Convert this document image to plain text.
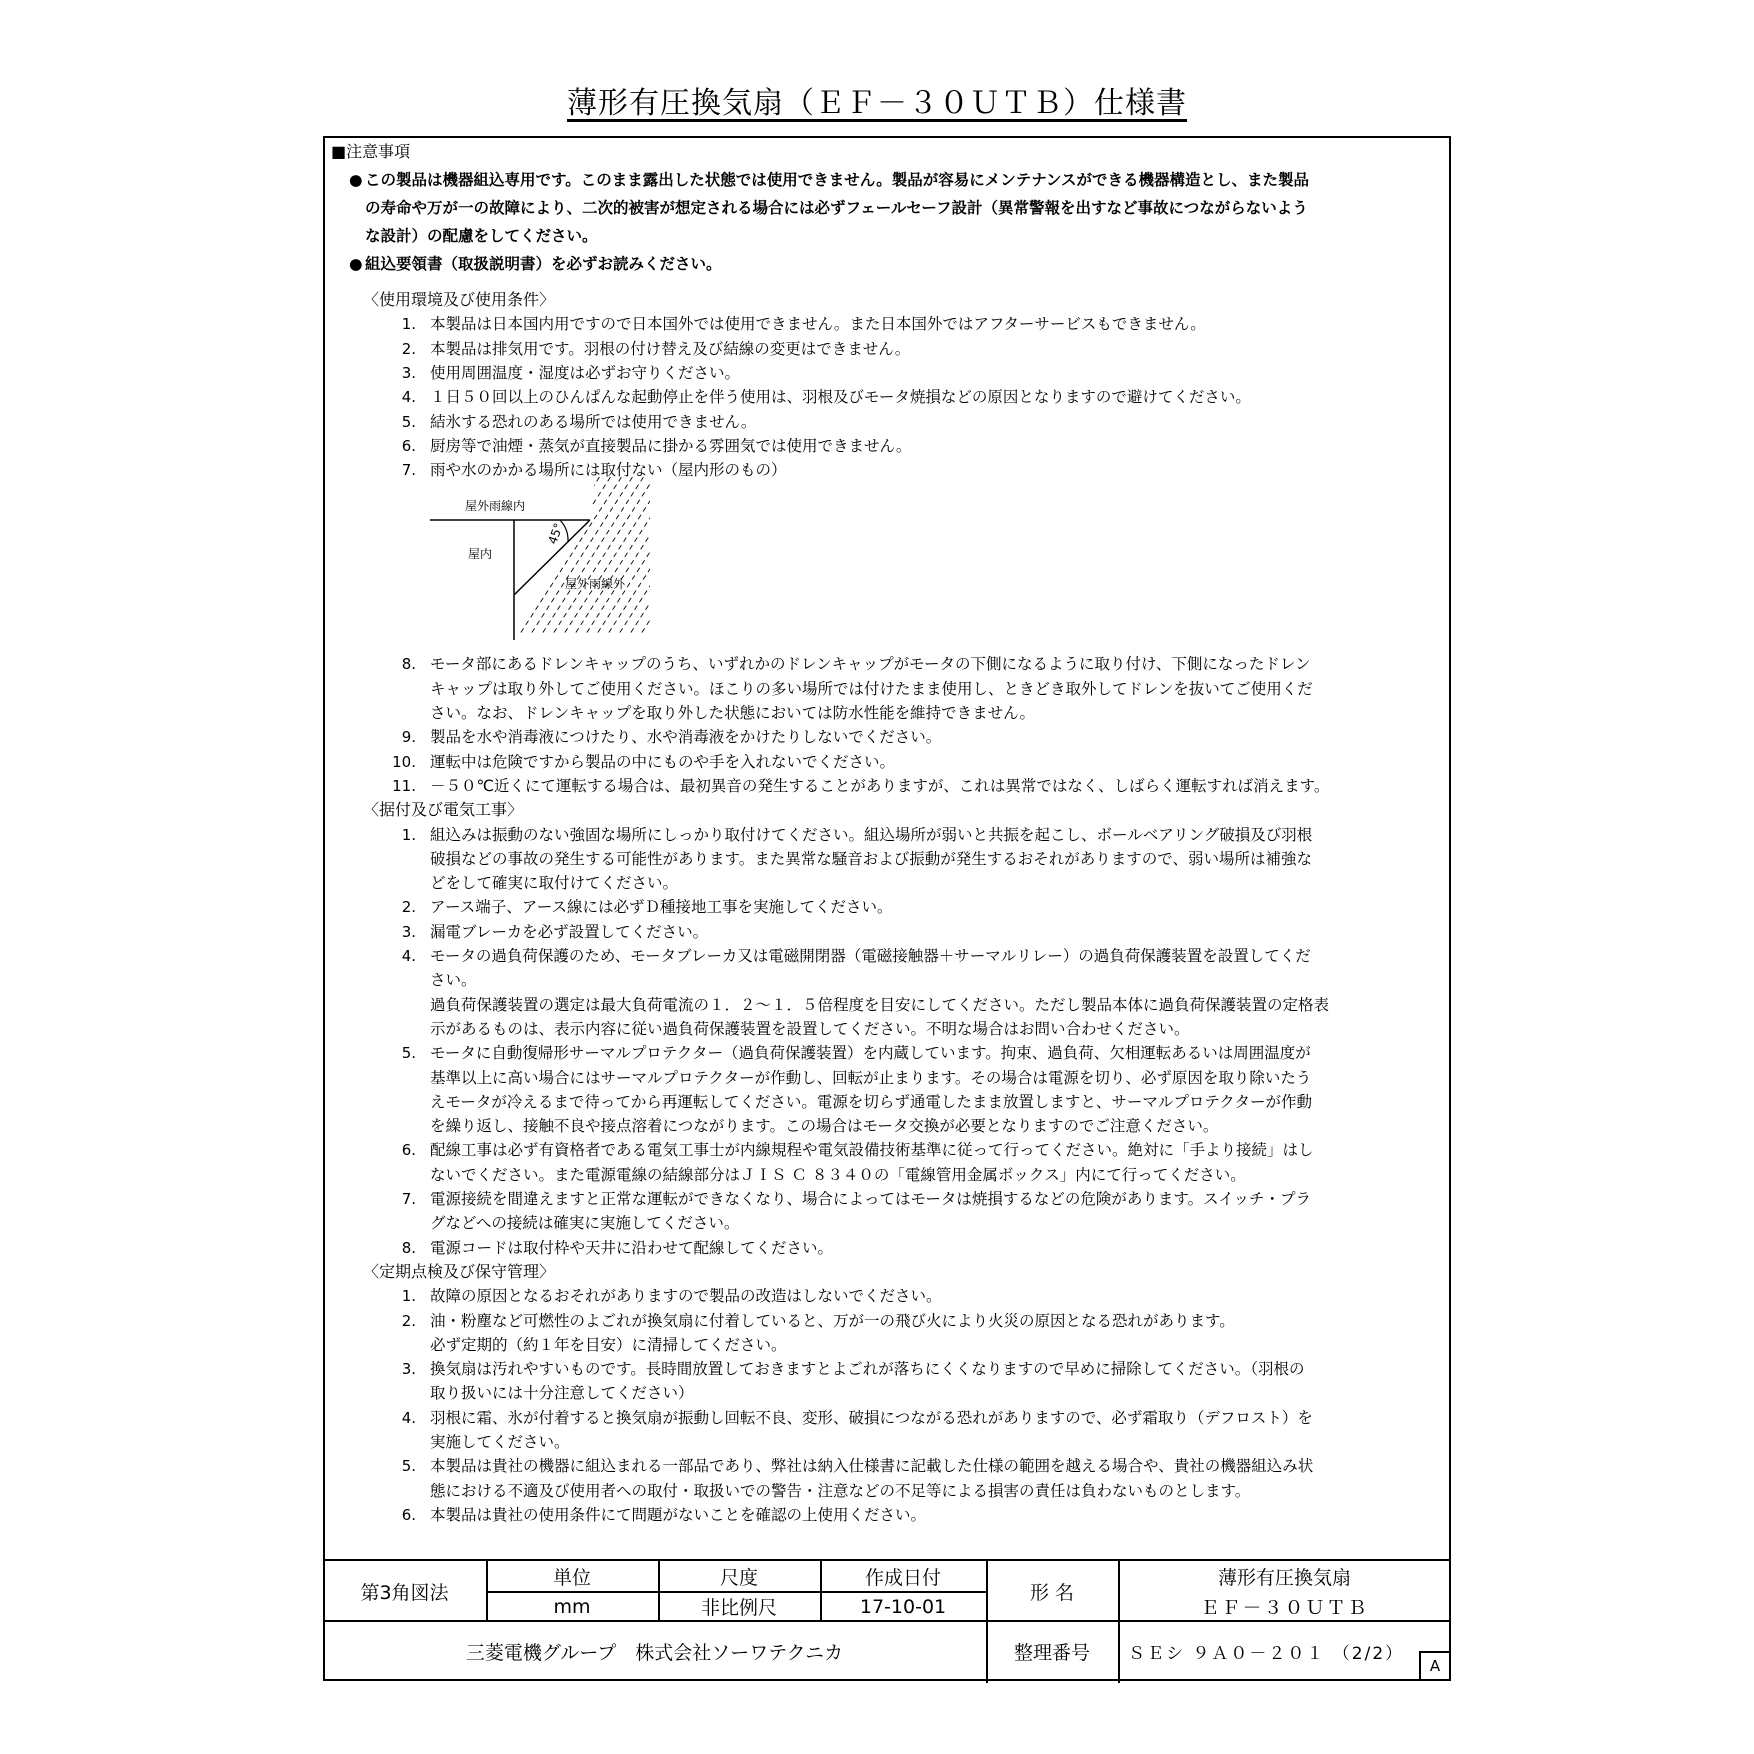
薄形有圧換気扇（ＥＦ－３０ＵＴＢ）仕様書
■注意事項
● この製品は機器組込専用です。このまま露出した状態では使用できません。製品が容易にメンテナンスができる機器構造とし、また製品
の寿命や万が一の故障により、二次的被害が想定される場合には必ずフェールセーフ設計（異常警報を出すなど事故につながらないよう
な設計）の配慮をしてください。
● 組込要領書（取扱説明書）を必ずお読みください。
〈使用環境及び使用条件〉
1. 本製品は日本国内用ですので日本国外では使用できません。また日本国外ではアフターサービスもできません。
2. 本製品は排気用です。羽根の付け替え及び結線の変更はできません。
3. 使用周囲温度・湿度は必ずお守りください。
4. １日５０回以上のひんぱんな起動停止を伴う使用は、羽根及びモータ焼損などの原因となりますので避けてください。
5. 結氷する恐れのある場所では使用できません。
6. 厨房等で油煙・蒸気が直接製品に掛かる雰囲気では使用できません。
7. 雨や水のかかる場所には取付ない（屋内形のもの）
8. モータ部にあるドレンキャップのうち、いずれかのドレンキャップがモータの下側になるように取り付け、下側になったドレン
キャップは取り外してご使用ください。ほこりの多い場所では付けたまま使用し、ときどき取外してドレンを抜いてご使用くだ
さい。なお、ドレンキャップを取り外した状態においては防水性能を維持できません。
9. 製品を水や消毒液につけたり、水や消毒液をかけたりしないでください。
10. 運転中は危険ですから製品の中にものや手を入れないでください。
11. －５０℃近くにて運転する場合は、最初異音の発生することがありますが、これは異常ではなく、しばらく運転すれば消えます。
〈据付及び電気工事〉
1. 組込みは振動のない強固な場所にしっかり取付けてください。組込場所が弱いと共振を起こし、ボールベアリング破損及び羽根
破損などの事故の発生する可能性があります。また異常な騒音および振動が発生するおそれがありますので、弱い場所は補強な
どをして確実に取付けてください。
2. アース端子、アース線には必ずＤ種接地工事を実施してください。
3. 漏電ブレーカを必ず設置してください。
4. モータの過負荷保護のため、モータブレーカ又は電磁開閉器（電磁接触器＋サーマルリレー）の過負荷保護装置を設置してくだ
さい。
過負荷保護装置の選定は最大負荷電流の１．２～１．５倍程度を目安にしてください。ただし製品本体に過負荷保護装置の定格表
示があるものは、表示内容に従い過負荷保護装置を設置してください。不明な場合はお問い合わせください。
5. モータに自動復帰形サーマルプロテクター（過負荷保護装置）を内蔵しています。拘束、過負荷、欠相運転あるいは周囲温度が
基準以上に高い場合にはサーマルプロテクターが作動し、回転が止まります。その場合は電源を切り、必ず原因を取り除いたう
えモータが冷えるまで待ってから再運転してください。電源を切らず通電したまま放置しますと、サーマルプロテクターが作動
を繰り返し、接触不良や接点溶着につながります。この場合はモータ交換が必要となりますのでご注意ください。
6. 配線工事は必ず有資格者である電気工事士が内線規程や電気設備技術基準に従って行ってください。絶対に「手より接続」はし
ないでください。また電源電線の結線部分はＪＩＳ Ｃ ８３４０の「電線管用金属ボックス」内にて行ってください。
7. 電源接続を間違えますと正常な運転ができなくなり、場合によってはモータは焼損するなどの危険があります。スイッチ・プラ
グなどへの接続は確実に実施してください。
8. 電源コードは取付枠や天井に沿わせて配線してください。
〈定期点検及び保守管理〉
1. 故障の原因となるおそれがありますので製品の改造はしないでください。
2. 油・粉塵など可燃性のよごれが換気扇に付着していると、万が一の飛び火により火災の原因となる恐れがあります。
必ず定期的（約１年を目安）に清掃してください。
3. 換気扇は汚れやすいものです。長時間放置しておきますとよごれが落ちにくくなりますので早めに掃除してください。（羽根の
取り扱いには十分注意してください）
4. 羽根に霜、氷が付着すると換気扇が振動し回転不良、変形、破損につながる恐れがありますので、必ず霜取り（デフロスト）を
実施してください。
5. 本製品は貴社の機器に組込まれる一部品であり、弊社は納入仕様書に記載した仕様の範囲を越える場合や、貴社の機器組込み状
態における不適及び使用者への取付・取扱いでの警告・注意などの不足等による損害の責任は負わないものとします。
6. 本製品は貴社の使用条件にて問題がないことを確認の上使用ください。
屋外雨線内
屋内
屋外雨線外
45°
第3角図法
単位
mm
尺度
非比例尺
作成日付
17-10-01
形 名
薄形有圧換気扇
ＥＦ－３０ＵＴＢ
三菱電機グループ　株式会社ソーワテクニカ	整理番号	ＳＥシ ９Ａ０－２０１ （2/2）
A
